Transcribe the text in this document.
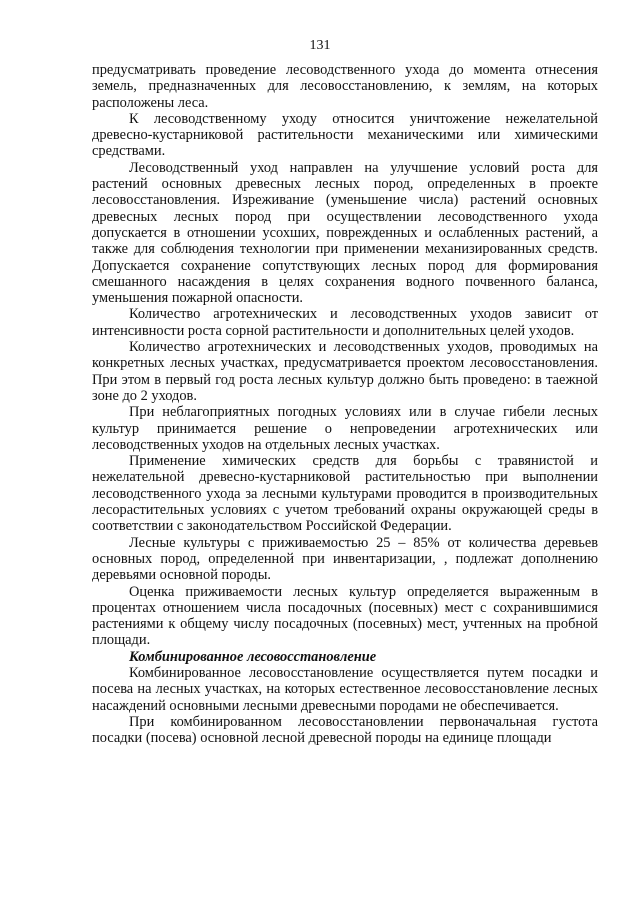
131

предусматривать проведение лесоводственного ухода до момента отнесения земель, предназначенных для лесовосстановлению, к землям, на которых расположены леса.

К лесоводственному уходу относится уничтожение нежелательной древесно-кустарниковой растительности механическими или химическими средствами.

Лесоводственный уход направлен на улучшение условий роста для растений основных древесных лесных пород, определенных в проекте лесовосстановления. Изреживание (уменьшение числа) растений основных древесных лесных пород при осуществлении лесоводственного ухода допускается в отношении усохших, поврежденных и ослабленных растений, а также для соблюдения технологии при применении механизированных средств. Допускается сохранение сопутствующих лесных пород для формирования смешанного насаждения в целях сохранения водного почвенного баланса, уменьшения пожарной опасности.

Количество агротехнических и лесоводственных уходов зависит от интенсивности роста сорной растительности и дополнительных целей уходов.

Количество агротехнических и лесоводственных уходов, проводимых на конкретных лесных участках, предусматривается проектом лесовосстановления. При этом в первый год роста лесных культур должно быть проведено: в таежной зоне до 2 уходов.

При неблагоприятных погодных условиях или в случае гибели лесных культур принимается решение о непроведении агротехнических или лесоводственных уходов на отдельных лесных участках.

Применение химических средств для борьбы с травянистой и нежелательной древесно-кустарниковой растительностью при выполнении лесоводственного ухода за лесными культурами проводится в производительных лесорастительных условиях с учетом требований охраны окружающей среды в соответствии с законодательством Российской Федерации.

Лесные культуры с приживаемостью 25 – 85% от количества деревьев основных пород, определенной при инвентаризации, , подлежат дополнению деревьями основной породы.

Оценка приживаемости лесных культур определяется выраженным в процентах отношением числа посадочных (посевных) мест с сохранившимися растениями к общему числу посадочных (посевных) мест, учтенных на пробной площади.

Комбинированное лесовосстановление

Комбинированное лесовосстановление осуществляется путем посадки и посева на лесных участках, на которых естественное лесовосстановление лесных насаждений основными лесными древесными породами не обеспечивается.

При комбинированном лесовосстановлении первоначальная густота посадки (посева) основной лесной древесной породы на единице площади
